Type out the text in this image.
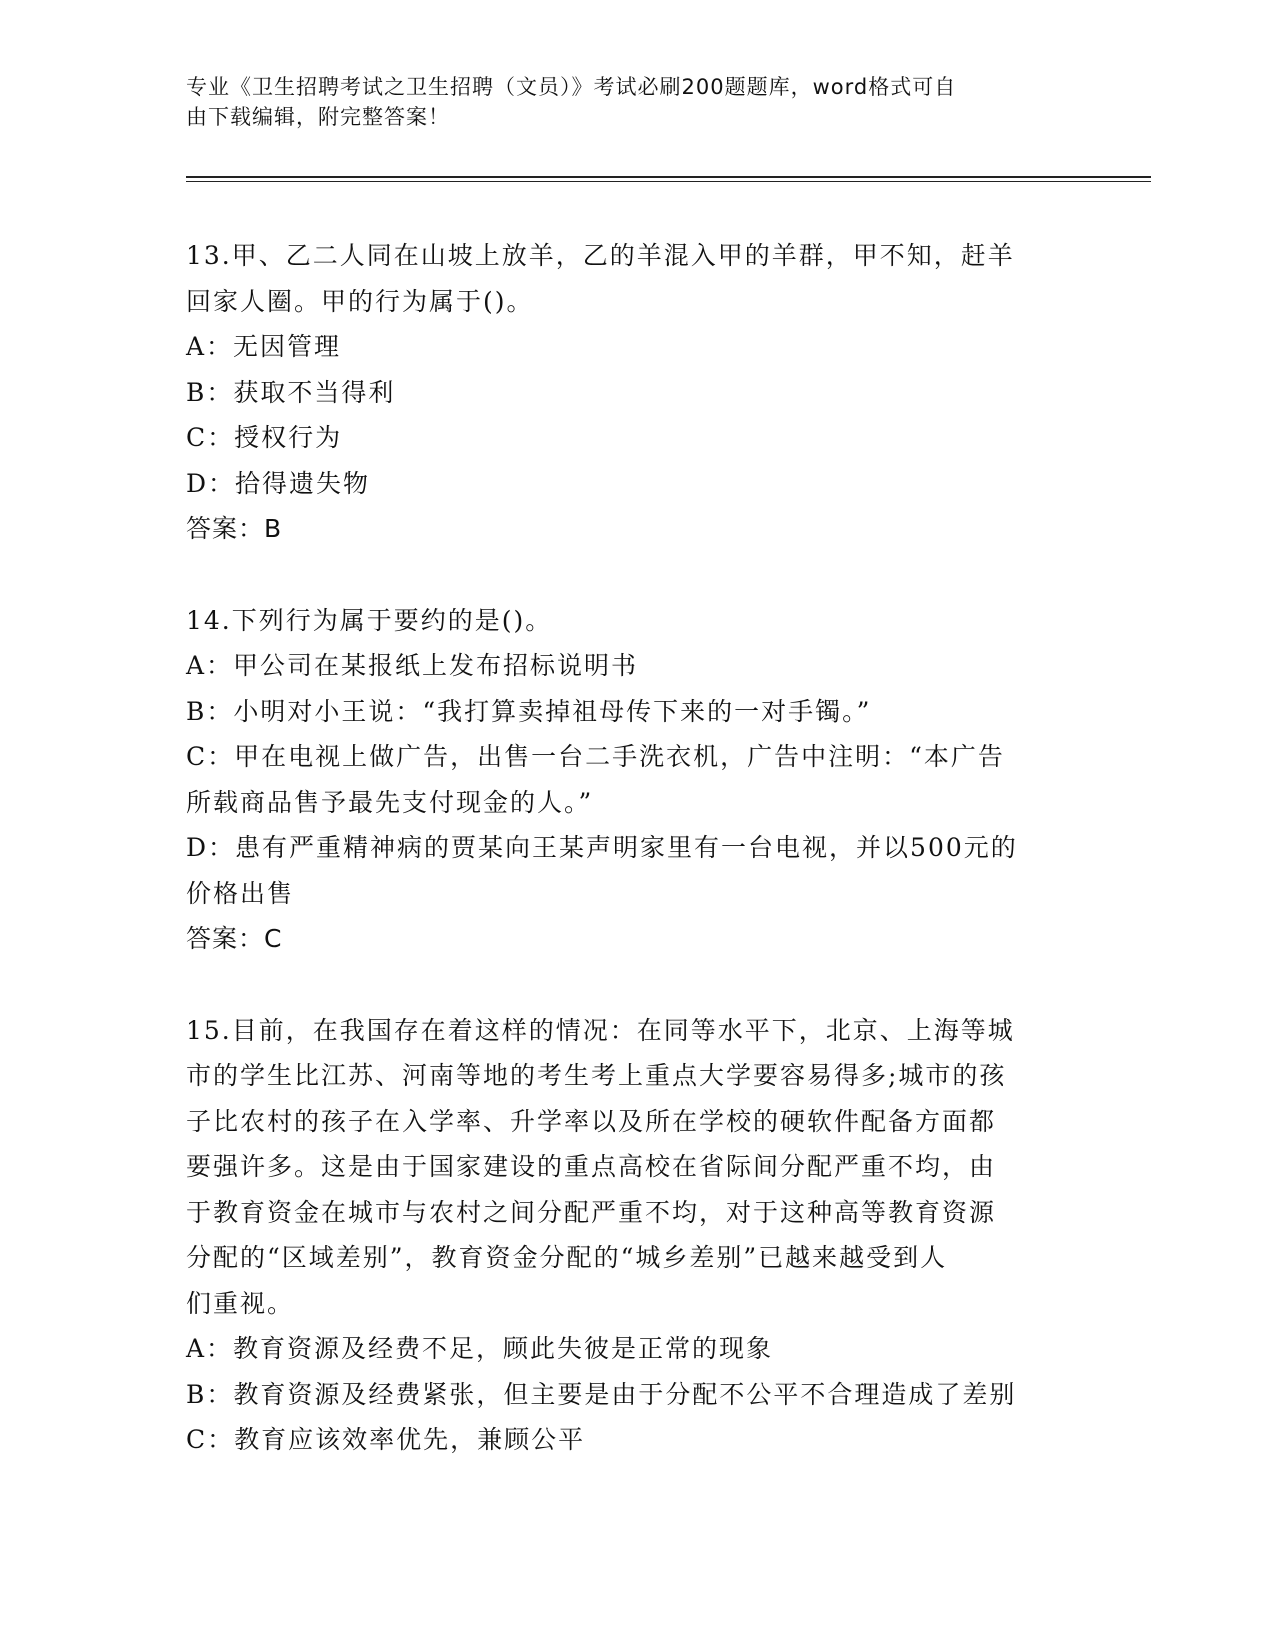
专业《卫生招聘考试之卫生招聘（文员）》考试必刷200题题库，word格式可自

由下载编辑，附完整答案！

13.甲、乙二人同在山坡上放羊，乙的羊混入甲的羊群，甲不知，赶羊

回家人圈。甲的行为属于()。

A：无因管理

B：获取不当得利

C：授权行为

D：拾得遗失物

答案：B

14.下列行为属于要约的是()。

A：甲公司在某报纸上发布招标说明书

B：小明对小王说：“我打算卖掉祖母传下来的一对手镯。”

C：甲在电视上做广告，出售一台二手洗衣机，广告中注明：“本广告

所载商品售予最先支付现金的人。”

D：患有严重精神病的贾某向王某声明家里有一台电视，并以500元的

价格出售

答案：C

15.目前，在我国存在着这样的情况：在同等水平下，北京、上海等城

市的学生比江苏、河南等地的考生考上重点大学要容易得多;城市的孩

子比农村的孩子在入学率、升学率以及所在学校的硬软件配备方面都

要强许多。这是由于国家建设的重点高校在省际间分配严重不均，由

于教育资金在城市与农村之间分配严重不均，对于这种高等教育资源

分配的“区域差别”，教育资金分配的“城乡差别”已越来越受到人

们重视。

A：教育资源及经费不足，顾此失彼是正常的现象

B：教育资源及经费紧张，但主要是由于分配不公平不合理造成了差别

C：教育应该效率优先，兼顾公平
